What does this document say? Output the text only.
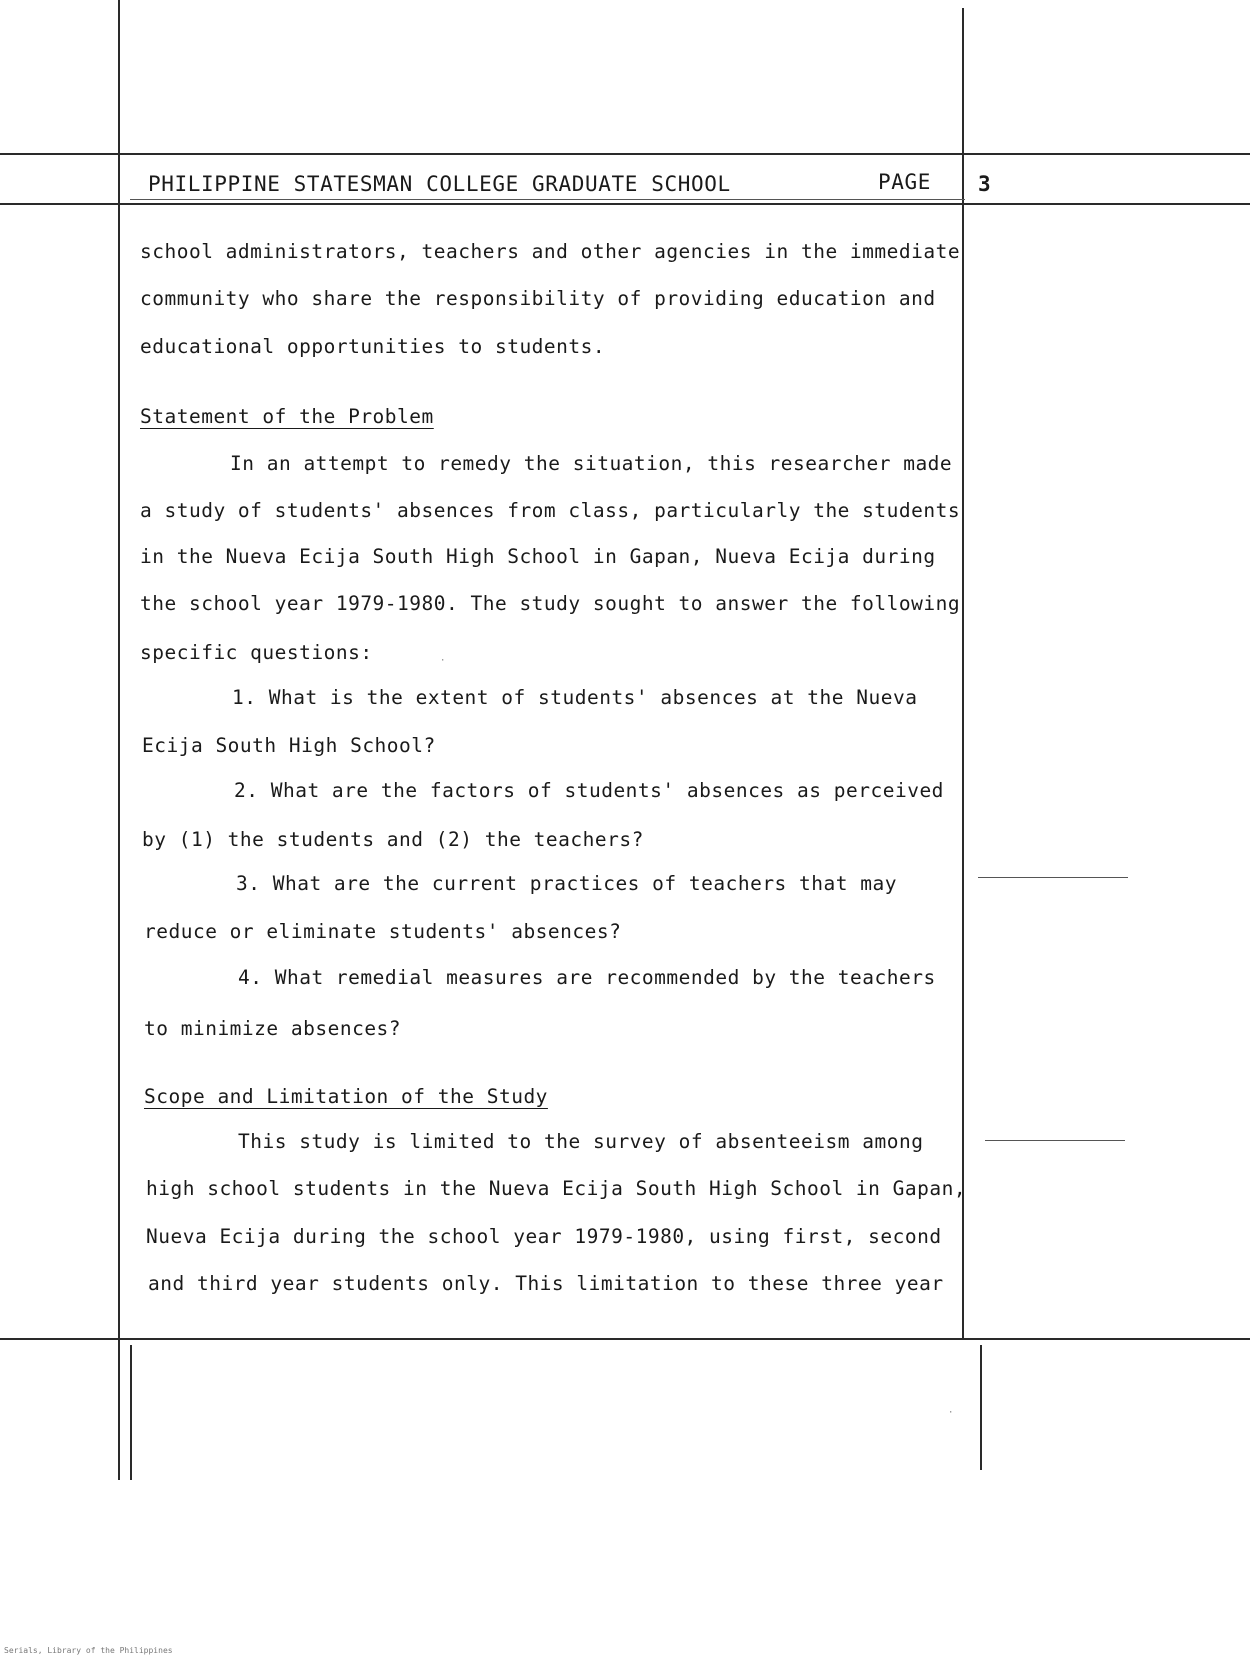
PHILIPPINE STATESMAN COLLEGE GRADUATE SCHOOL	PAGE 3
school administrators, teachers and other agencies in the immediate
community who share the responsibility of providing education and
educational opportunities to students.
Statement of the Problem
In an attempt to remedy the situation, this researcher made
a study of students' absences from class, particularly the students
in the Nueva Ecija South High School in Gapan, Nueva Ecija during
the school year 1979-1980. The study sought to answer the following
specific questions:
1. What is the extent of students' absences at the Nueva
Ecija South High School?
2. What are the factors of students' absences as perceived
by (1) the students and (2) the teachers?
3. What are the current practices of teachers that may
reduce or eliminate students' absences?
4. What remedial measures are recommended by the teachers
to minimize absences?
Scope and Limitation of the Study
This study is limited to the survey of absenteeism among
high school students in the Nueva Ecija South High School in Gapan,
Nueva Ecija during the school year 1979-1980, using first, second
and third year students only. This limitation to these three year
·
·
Serials, Library of the Philippines
